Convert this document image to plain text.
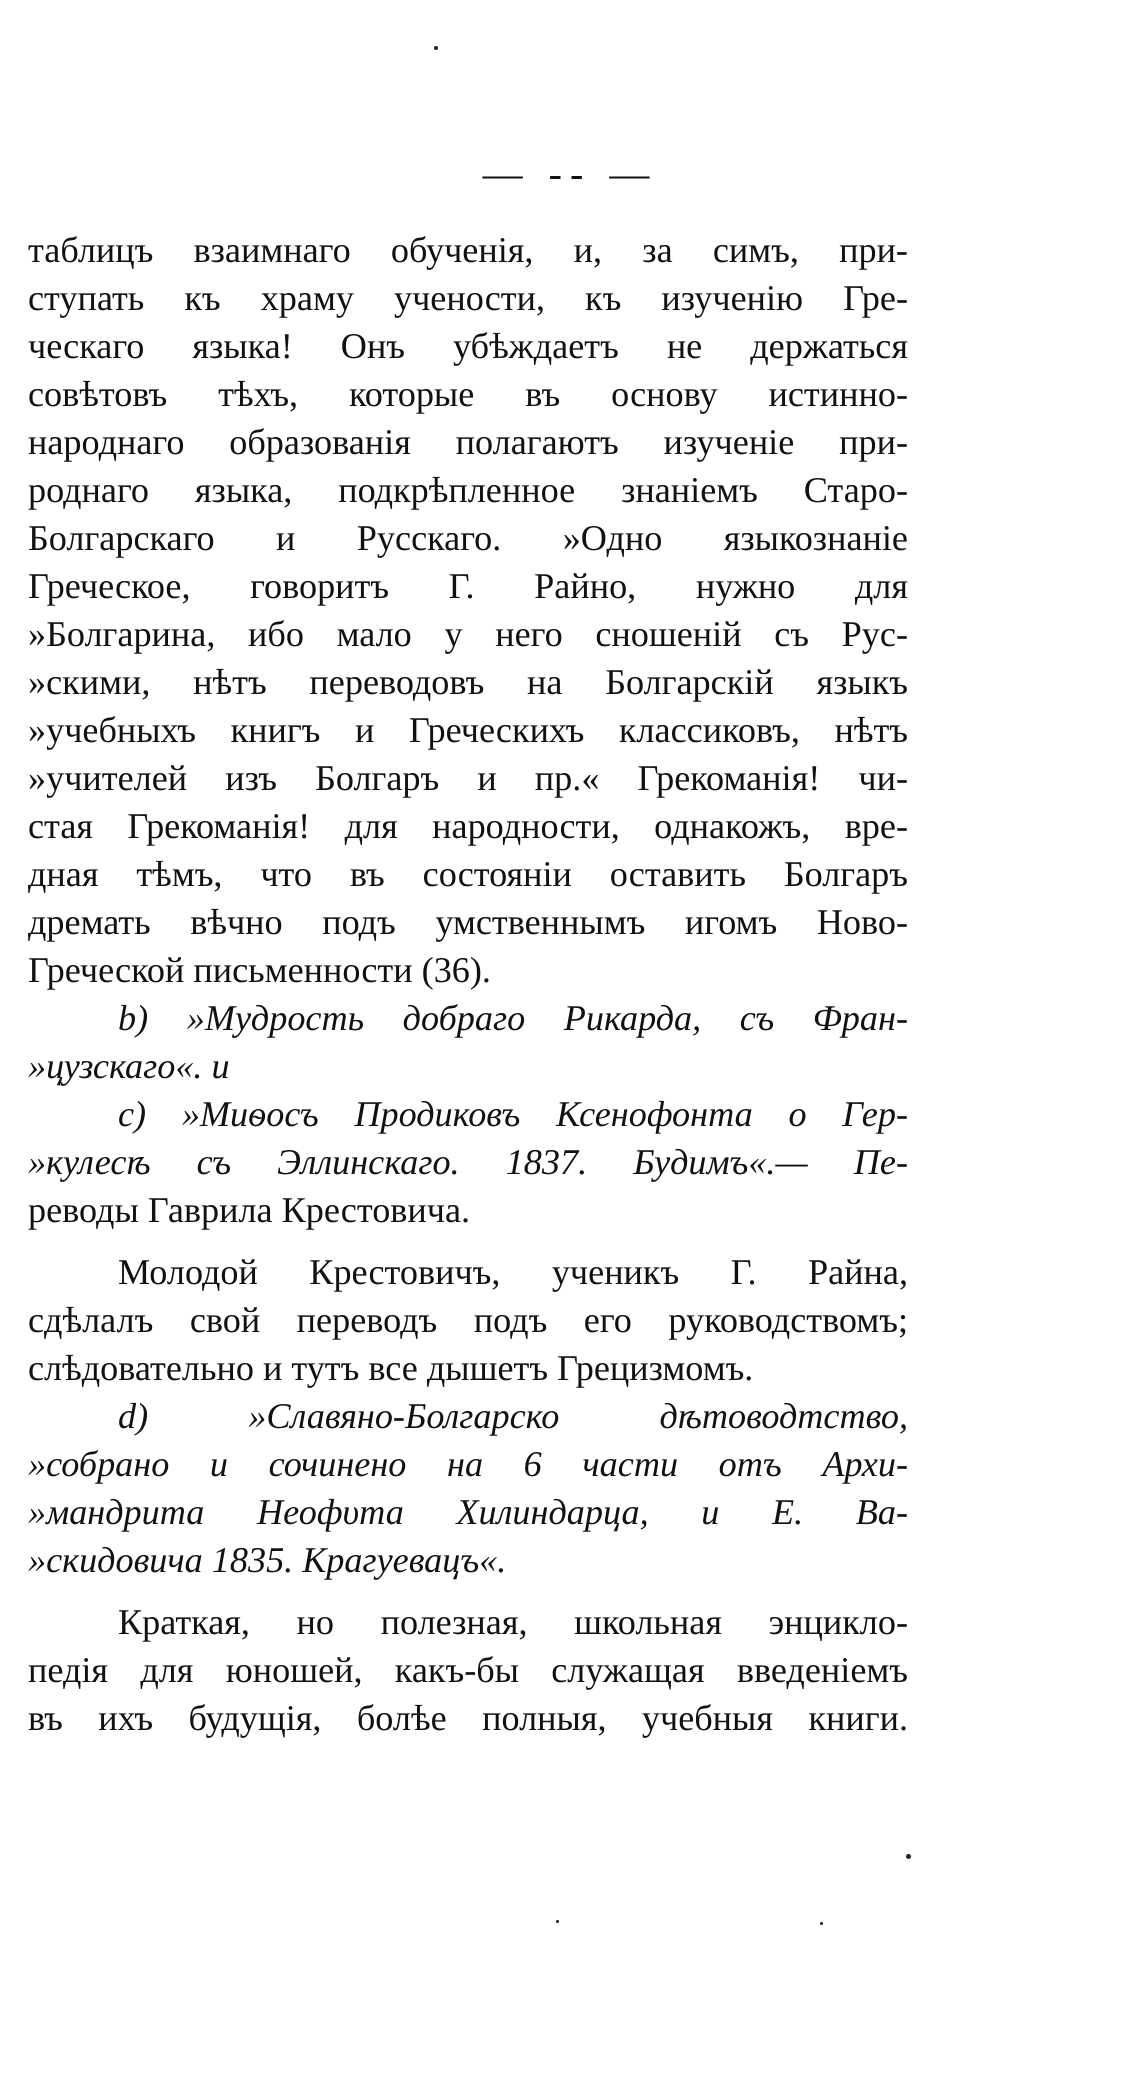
— -- —
таблицъ взаимнаго обученія, и, за симъ, при-
ступать къ храму учености, къ изученію Гре-
ческаго языка! Онъ убѣждаетъ не держаться
совѣтовъ тѣхъ, которые въ основу истинно-
народнаго образованія полагаютъ изученіе при-
роднаго языка, подкрѣпленное знаніемъ Старо-
Болгарскаго и Русскаго. »Одно языкознаніе
Греческое, говоритъ Г. Райно, нужно для
»Болгарина, ибо мало у него сношеній съ Рус-
»скими, нѣтъ переводовъ на Болгарскій языкъ
»учебныхъ книгъ и Греческихъ классиковъ, нѣтъ
»учителей изъ Болгаръ и пр.« Грекоманія! чи-
стая Грекоманія! для народности, однакожъ, вре-
дная тѣмъ, что въ состояніи оставить Болгаръ
дремать вѣчно подъ умственнымъ игомъ Ново-
Греческой письменности (36).
b) »Мудрость добраго Рикарда, съ Фран-
»цузскаго«. и
c) »Миѳосъ Продиковъ Ксенофонта о Гер-
»кулесѣ съ Эллинскаго. 1837. Будимъ«.— Пе-
реводы Гаврила Крестовича.
Молодой Крестовичъ, ученикъ Г. Райна,
сдѣлалъ свой переводъ подъ его руководствомъ;
слѣдовательно и тутъ все дышетъ Грецизмомъ.
d) »Славяно-Болгарско дѣтоводтство,
»собрано и сочинено на 6 части отъ Архи-
»мандрита Неофυта Хилиндарца, и Е. Ва-
»скидовича 1835. Крагуевацъ«.
Краткая, но полезная, школьная энцикло-
педія для юношей, какъ-бы служащая введеніемъ
въ ихъ будущія, болѣе полныя, учебныя книги.
